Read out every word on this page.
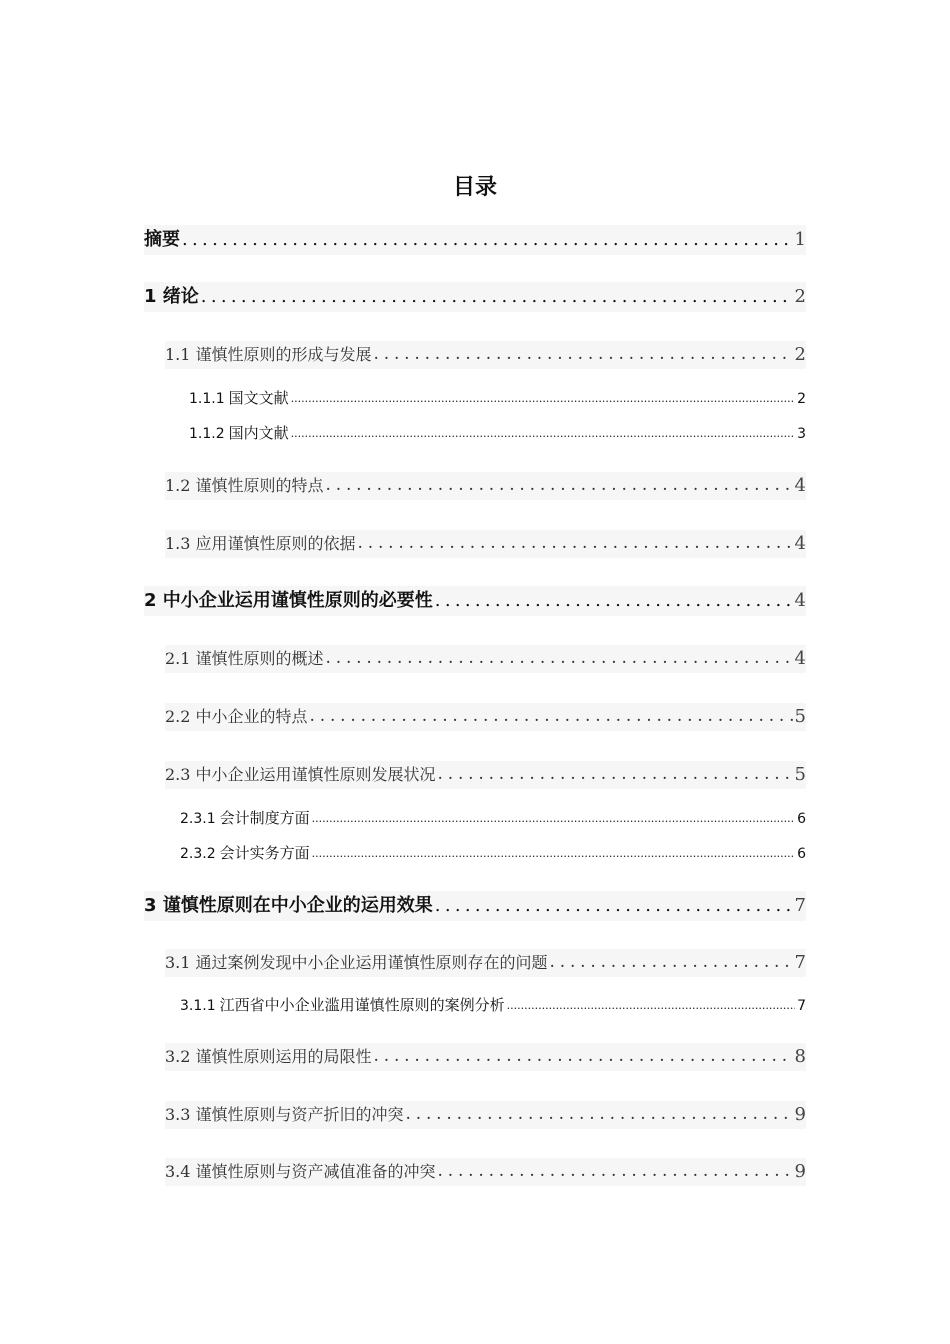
目录
摘要 .....	1
1 绪论 .....	2
1.1 谨慎性原则的形成与发展 .....	2
1.1.1 国文文献 .....	2
1.1.2 国内文献 .....	3
1.2 谨慎性原则的特点 .....	4
1.3 应用谨慎性原则的依据 .....	4
2 中小企业运用谨慎性原则的必要性 .....	4
2.1 谨慎性原则的概述 .....	4
2.2 中小企业的特点 .....	5
2.3 中小企业运用谨慎性原则发展状况 .....	5
2.3.1 会计制度方面 .....	6
2.3.2 会计实务方面 .....	6
3 谨慎性原则在中小企业的运用效果 .....	7
3.1 通过案例发现中小企业运用谨慎性原则存在的问题 .....	7
3.1.1 江西省中小企业滥用谨慎性原则的案例分析 .....	7
3.2 谨慎性原则运用的局限性 .....	8
3.3 谨慎性原则与资产折旧的冲突 .....	9
3.4 谨慎性原则与资产减值准备的冲突 .....	9
